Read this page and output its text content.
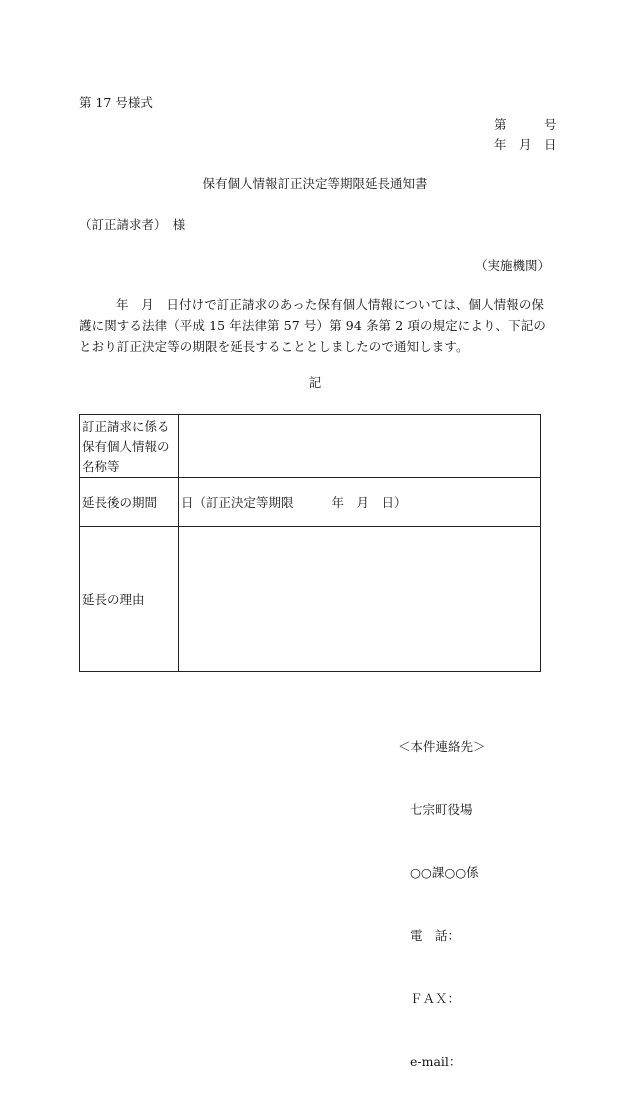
第 17 号様式
第　　　号
年　月　日
保有個人情報訂正決定等期限延長通知書
（訂正請求者）　様
（実施機関）
年　月　日付けで訂正請求のあった保有個人情報については、個人情報の保護に関する法律（平成 15 年法律第 57 号）第 94 条第 2 項の規定により、下記のとおり訂正決定等の期限を延長することとしましたので通知します。
記
訂正請求に係る保有個人情報の名称等	
延長後の期間	日（訂正決定等期限 年　月　日）
延長の理由	

＜本件連絡先＞

七宗町役場

○○課○○係

電　話：

ＦＡＸ：

e-mail：
